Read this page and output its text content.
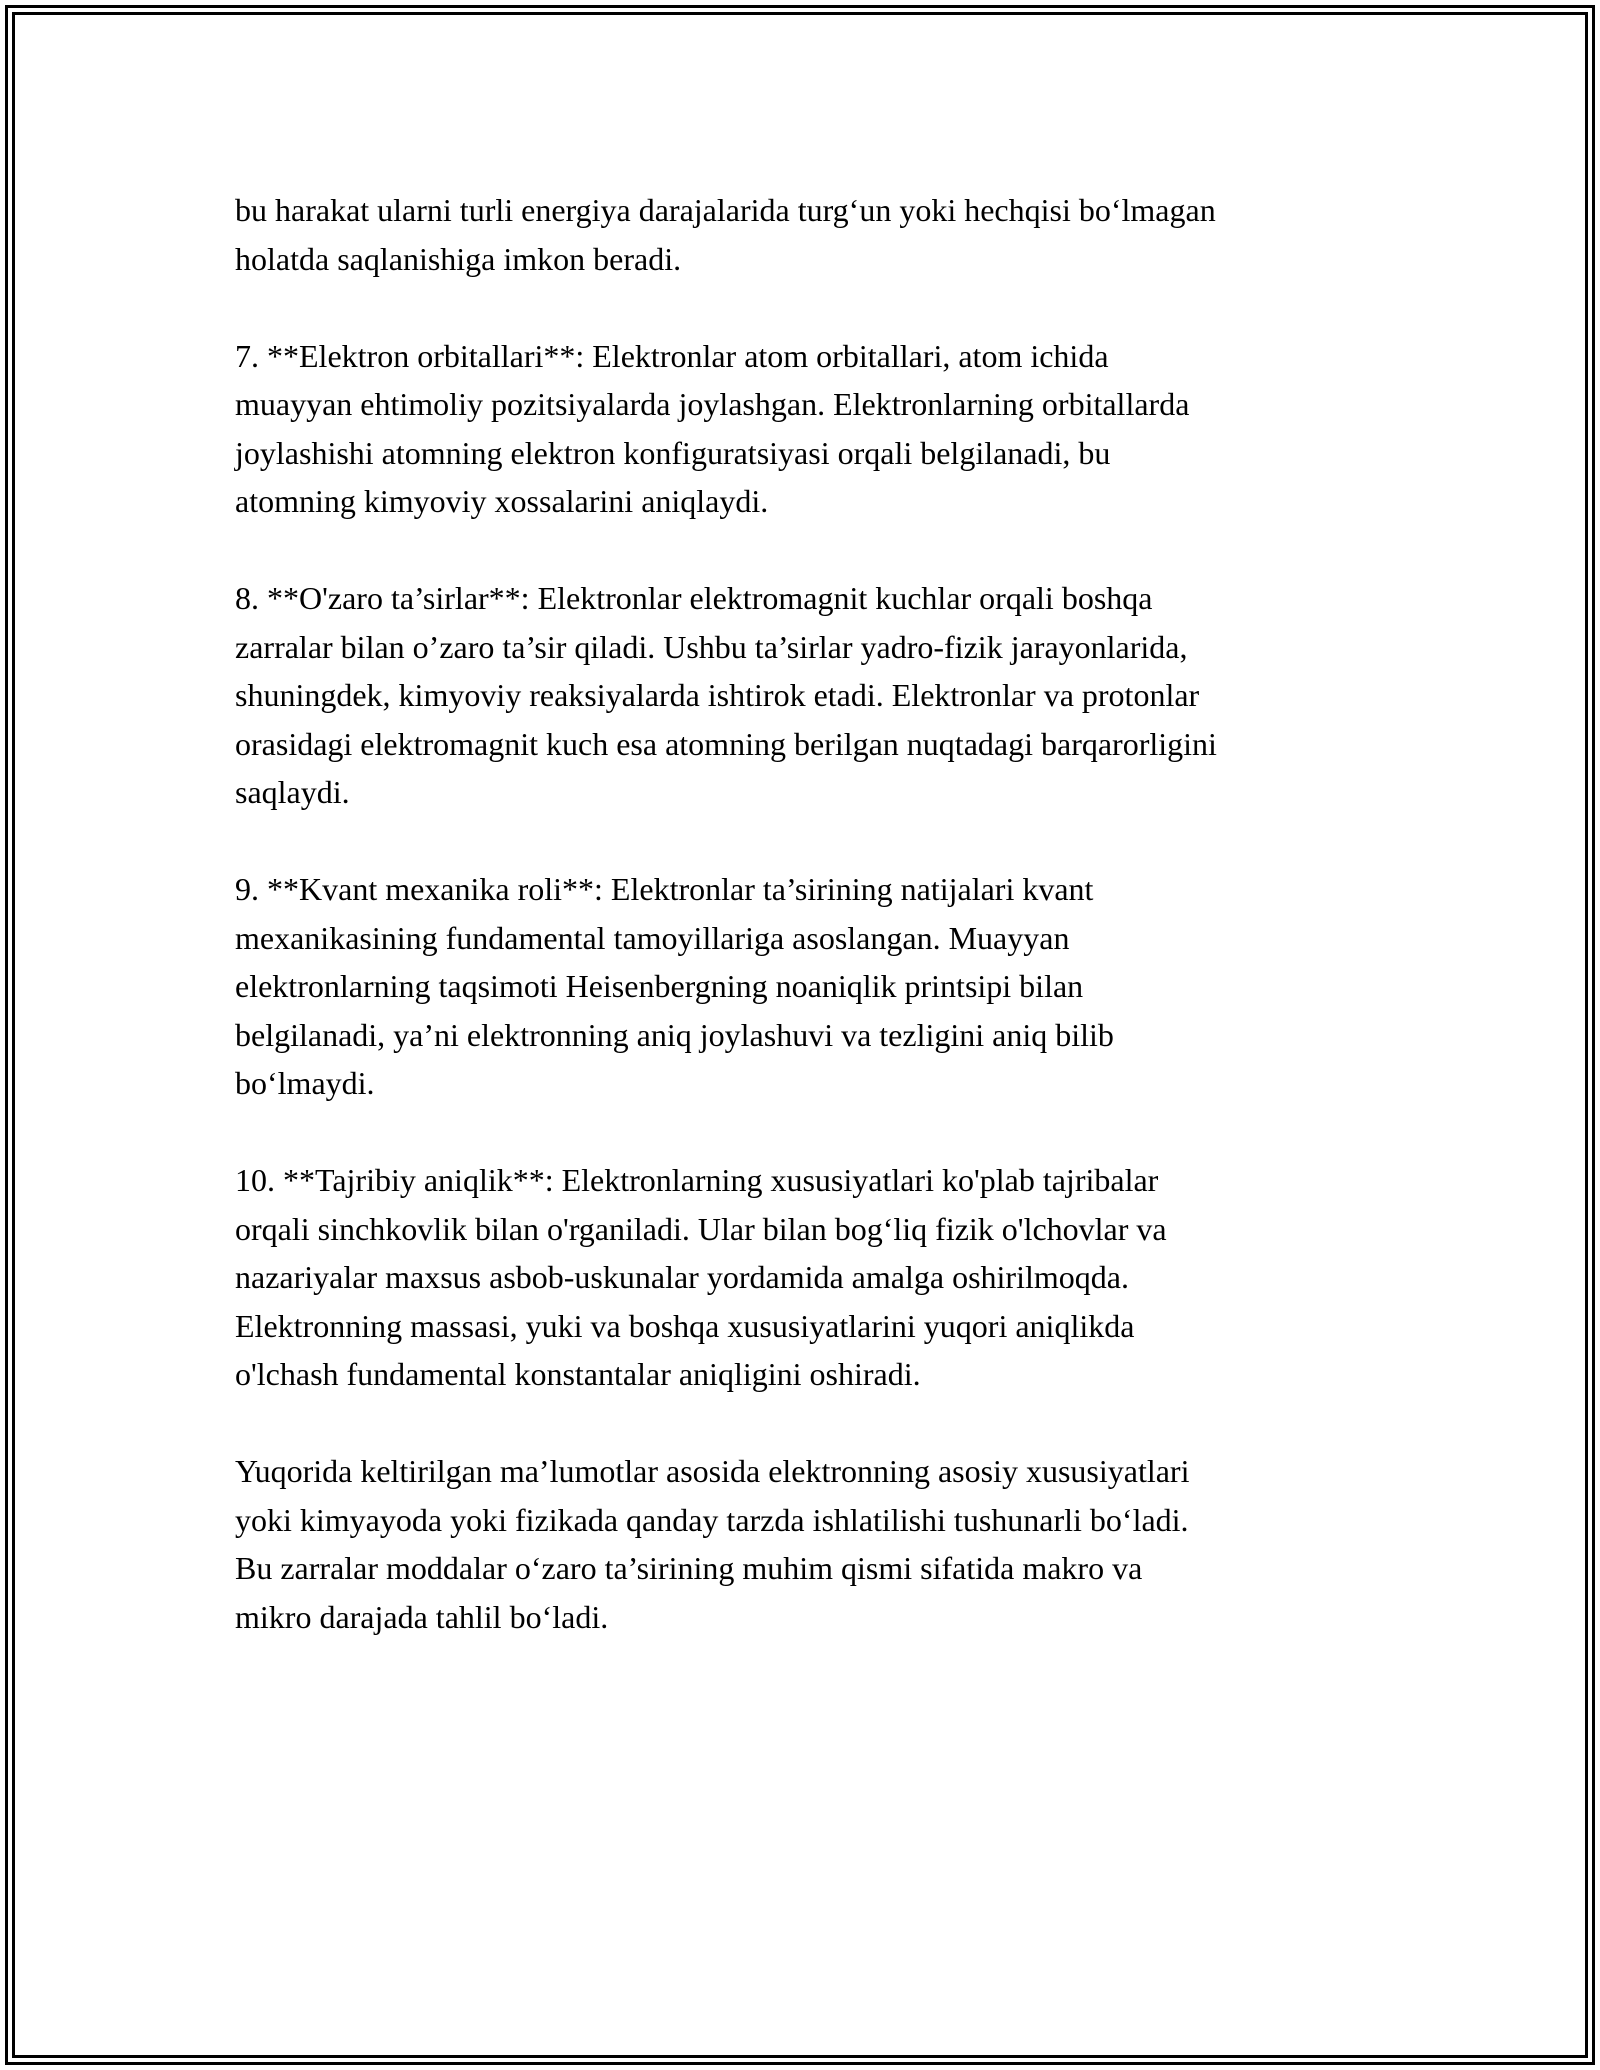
bu harakat ularni turli energiya darajalarida turg‘un yoki hechqisi bo‘lmagan
holatda saqlanishiga imkon beradi.

7. **Elektron orbitallari**: Elektronlar atom orbitallari, atom ichida
muayyan ehtimoliy pozitsiyalarda joylashgan. Elektronlarning orbitallarda
joylashishi atomning elektron konfiguratsiyasi orqali belgilanadi, bu
atomning kimyoviy xossalarini aniqlaydi.

8. **O'zaro ta’sirlar**: Elektronlar elektromagnit kuchlar orqali boshqa
zarralar bilan o’zaro ta’sir qiladi. Ushbu ta’sirlar yadro-fizik jarayonlarida,
shuningdek, kimyoviy reaksiyalarda ishtirok etadi. Elektronlar va protonlar
orasidagi elektromagnit kuch esa atomning berilgan nuqtadagi barqarorligini
saqlaydi.

9. **Kvant mexanika roli**: Elektronlar ta’sirining natijalari kvant
mexanikasining fundamental tamoyillariga asoslangan. Muayyan
elektronlarning taqsimoti Heisenbergning noaniqlik printsipi bilan
belgilanadi, ya’ni elektronning aniq joylashuvi va tezligini aniq bilib
bo‘lmaydi.

10. **Tajribiy aniqlik**: Elektronlarning xususiyatlari ko'plab tajribalar
orqali sinchkovlik bilan o'rganiladi. Ular bilan bog‘liq fizik o'lchovlar va
nazariyalar maxsus asbob-uskunalar yordamida amalga oshirilmoqda.
Elektronning massasi, yuki va boshqa xususiyatlarini yuqori aniqlikda
o'lchash fundamental konstantalar aniqligini oshiradi.

Yuqorida keltirilgan ma’lumotlar asosida elektronning asosiy xususiyatlari
yoki kimyayoda yoki fizikada qanday tarzda ishlatilishi tushunarli bo‘ladi.
Bu zarralar moddalar o‘zaro ta’sirining muhim qismi sifatida makro va
mikro darajada tahlil bo‘ladi.
